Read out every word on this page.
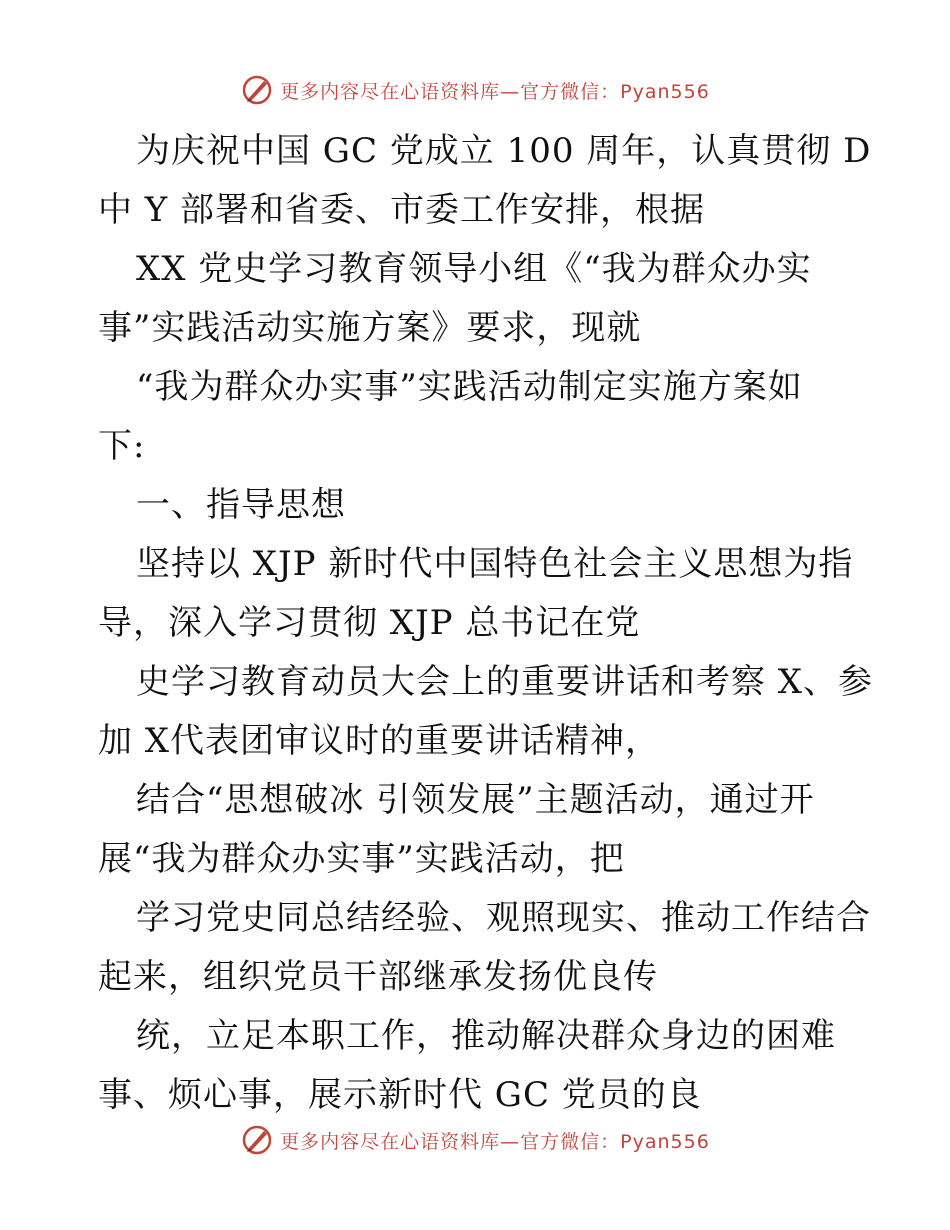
更多内容尽在心语资料库—官方微信：Pyan556
为庆祝中国 GC 党成立 100 周年，认真贯彻 D
中 Y 部署和省委、市委工作安排，根据
XX 党史学习教育领导小组《“我为群众办实
事”实践活动实施方案》要求，现就
“我为群众办实事”实践活动制定实施方案如
下:
一、指导思想
坚持以 XJP 新时代中国特色社会主义思想为指
导，深入学习贯彻 XJP 总书记在党
史学习教育动员大会上的重要讲话和考察 X、参
加 X代表团审议时的重要讲话精神，
结合“思想破冰 引领发展”主题活动，通过开
展“我为群众办实事”实践活动，把
学习党史同总结经验、观照现实、推动工作结合
起来，组织党员干部继承发扬优良传
统，立足本职工作，推动解决群众身边的困难
事、烦心事，展示新时代 GC 党员的良
更多内容尽在心语资料库—官方微信：Pyan556
